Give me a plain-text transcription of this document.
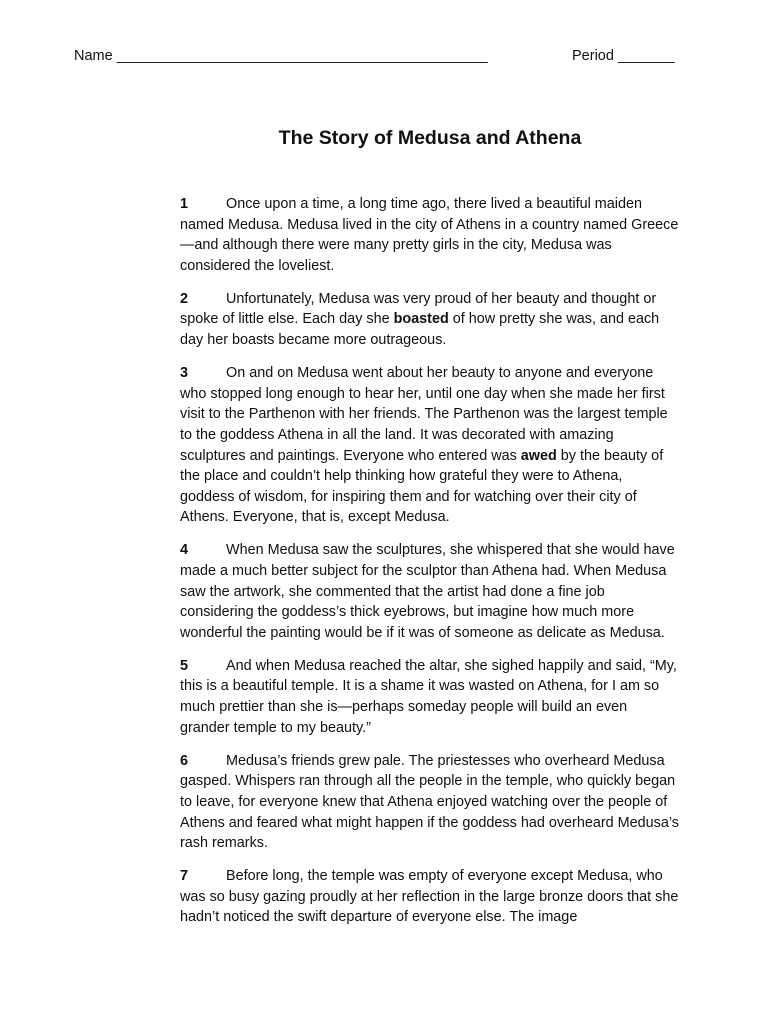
Name ______________________________________________	Period _______
The Story of Medusa and Athena

1	Once upon a time, a long time ago, there lived a beautiful maiden named Medusa. Medusa lived in the city of Athens in a country named Greece—and although there were many pretty girls in the city, Medusa was considered the loveliest.

2	Unfortunately, Medusa was very proud of her beauty and thought or spoke of little else. Each day she boasted of how pretty she was, and each day her boasts became more outrageous.

3	On and on Medusa went about her beauty to anyone and everyone who stopped long enough to hear her, until one day when she made her first visit to the Parthenon with her friends. The Parthenon was the largest temple to the goddess Athena in all the land. It was decorated with amazing sculptures and paintings. Everyone who entered was awed by the beauty of the place and couldn’t help thinking how grateful they were to Athena, goddess of wisdom, for inspiring them and for watching over their city of Athens. Everyone, that is, except Medusa.

4	When Medusa saw the sculptures, she whispered that she would have made a much better subject for the sculptor than Athena had. When Medusa saw the artwork, she commented that the artist had done a fine job considering the goddess’s thick eyebrows, but imagine how much more wonderful the painting would be if it was of someone as delicate as Medusa.

5	And when Medusa reached the altar, she sighed happily and said, “My, this is a beautiful temple. It is a shame it was wasted on Athena, for I am so much prettier than she is—perhaps someday people will build an even grander temple to my beauty.”

6	Medusa’s friends grew pale. The priestesses who overheard Medusa gasped. Whispers ran through all the people in the temple, who quickly began to leave, for everyone knew that Athena enjoyed watching over the people of Athens and feared what might happen if the goddess had overheard Medusa’s rash remarks.

7	Before long, the temple was empty of everyone except Medusa, who was so busy gazing proudly at her reflection in the large bronze doors that she hadn’t noticed the swift departure of everyone else. The image
